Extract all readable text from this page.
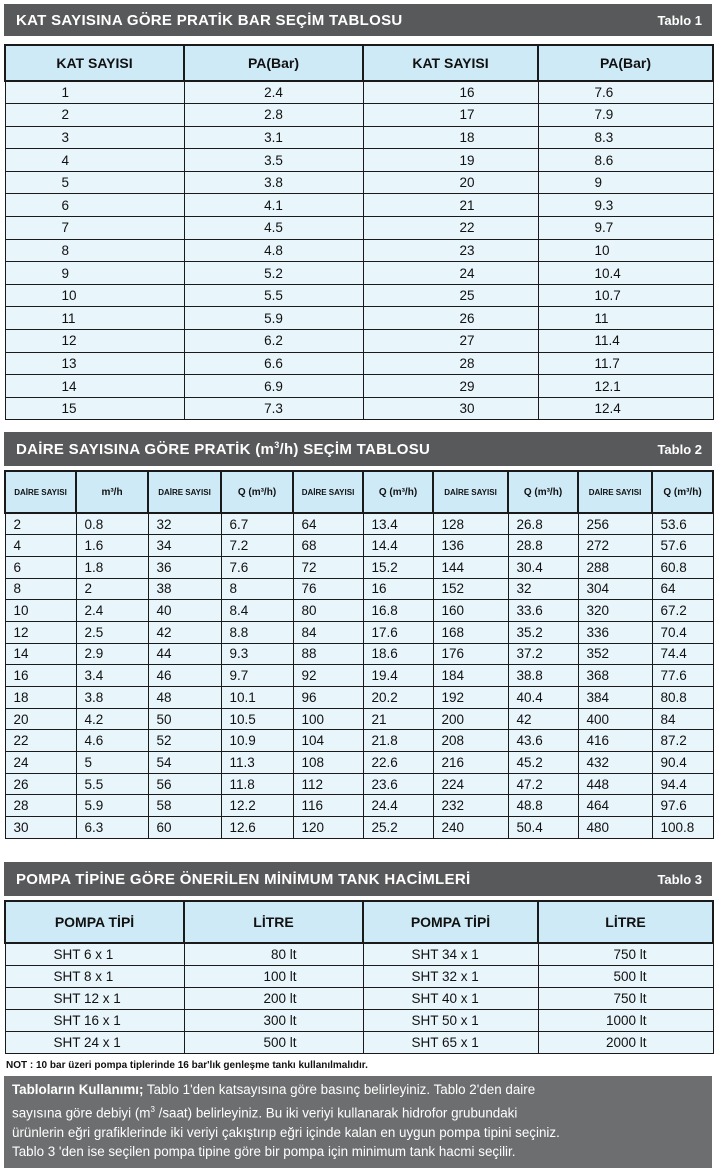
KAT SAYISINA GÖRE PRATİK BAR SEÇİM TABLOSU	Tablo 1
KAT SAYISI	PA(Bar)	KAT SAYISI	PA(Bar)
1	2.4	16	7.6
2	2.8	17	7.9
3	3.1	18	8.3
4	3.5	19	8.6
5	3.8	20	9
6	4.1	21	9.3
7	4.5	22	9.7
8	4.8	23	10
9	5.2	24	10.4
10	5.5	25	10.7
11	5.9	26	11
12	6.2	27	11.4
13	6.6	28	11.7
14	6.9	29	12.1
15	7.3	30	12.4
DAİRE SAYISINA GÖRE PRATİK $(m^3/h)$ SEÇİM TABLOSU	Tablo 2
DAİRE SAYISI	m³/h	DAİRE SAYISI	Q (m³/h)	DAİRE SAYISI	Q (m³/h)	DAİRE SAYISI	Q (m³/h)	DAİRE SAYISI	Q (m³/h)
2	0.8	32	6.7	64	13.4	128	26.8	256	53.6
4	1.6	34	7.2	68	14.4	136	28.8	272	57.6
6	1.8	36	7.6	72	15.2	144	30.4	288	60.8
8	2	38	8	76	16	152	32	304	64
10	2.4	40	8.4	80	16.8	160	33.6	320	67.2
12	2.5	42	8.8	84	17.6	168	35.2	336	70.4
14	2.9	44	9.3	88	18.6	176	37.2	352	74.4
16	3.4	46	9.7	92	19.4	184	38.8	368	77.6
18	3.8	48	10.1	96	20.2	192	40.4	384	80.8
20	4.2	50	10.5	100	21	200	42	400	84
22	4.6	52	10.9	104	21.8	208	43.6	416	87.2
24	5	54	11.3	108	22.6	216	45.2	432	90.4
26	5.5	56	11.8	112	23.6	224	47.2	448	94.4
28	5.9	58	12.2	116	24.4	232	48.8	464	97.6
30	6.3	60	12.6	120	25.2	240	50.4	480	100.8
POMPA TİPİNE GÖRE ÖNERİLEN MİNİMUM TANK HACİMLERİ	Tablo 3
POMPA TİPİ	LİTRE	POMPA TİPİ	LİTRE
SHT 6 x 1	80 lt	SHT 34 x 1	750 lt
SHT 8 x 1	100 lt	SHT 32 x 1	500 lt
SHT 12 x 1	200 lt	SHT 40 x 1	750 lt
SHT 16 x 1	300 lt	SHT 50 x 1	1000 lt
SHT 24 x 1	500 lt	SHT 65 x 1	2000 lt
NOT : 10 bar üzeri pompa tiplerinde 16 bar'lık genleşme tankı kullanılmalıdır.
Tabloların Kullanımı; Tablo 1'den katsayısına göre basınç belirleyiniz. Tablo 2'den daire
sayısına göre debiyi ($m^3$ /saat) belirleyiniz. Bu iki veriyi kullanarak hidrofor grubundaki
ürünlerin eğri grafiklerinde iki veriyi çakıştırıp eğri içinde kalan en uygun pompa tipini seçiniz.
Tablo 3 'den ise seçilen pompa tipine göre bir pompa için minimum tank hacmi seçilir.
